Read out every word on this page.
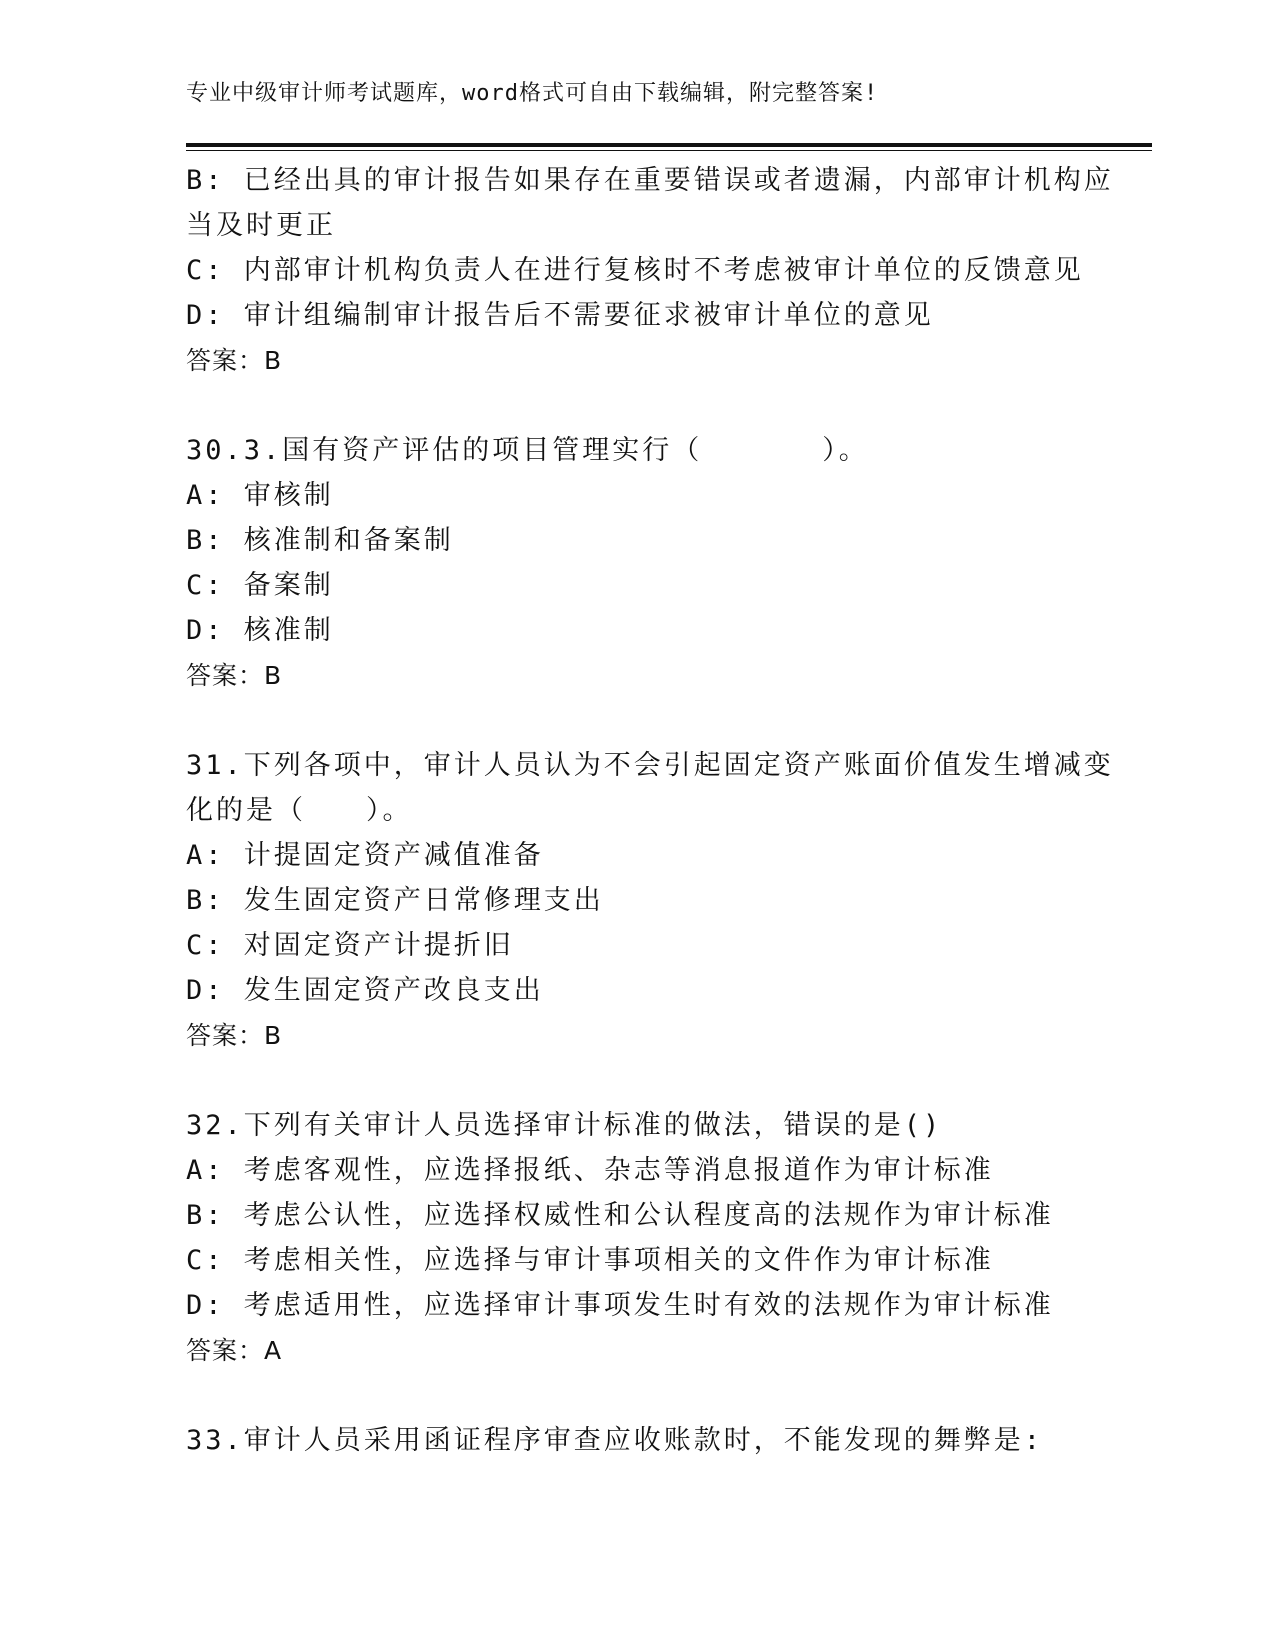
专业中级审计师考试题库，word格式可自由下载编辑，附完整答案!
B: 已经出具的审计报告如果存在重要错误或者遗漏，内部审计机构应
当及时更正
C: 内部审计机构负责人在进行复核时不考虑被审计单位的反馈意见
D: 审计组编制审计报告后不需要征求被审计单位的意见
答案：B
30.3.国有资产评估的项目管理实行（　　　　）。
A: 审核制
B: 核准制和备案制
C: 备案制
D: 核准制
答案：B
31.下列各项中，审计人员认为不会引起固定资产账面价值发生增减变
化的是（　　）。
A: 计提固定资产减值准备
B: 发生固定资产日常修理支出
C: 对固定资产计提折旧
D: 发生固定资产改良支出
答案：B
32.下列有关审计人员选择审计标准的做法，错误的是()
A: 考虑客观性，应选择报纸、杂志等消息报道作为审计标准
B: 考虑公认性，应选择权威性和公认程度高的法规作为审计标准
C: 考虑相关性，应选择与审计事项相关的文件作为审计标准
D: 考虑适用性，应选择审计事项发生时有效的法规作为审计标准
答案：A
33.审计人员采用函证程序审查应收账款时，不能发现的舞弊是:
